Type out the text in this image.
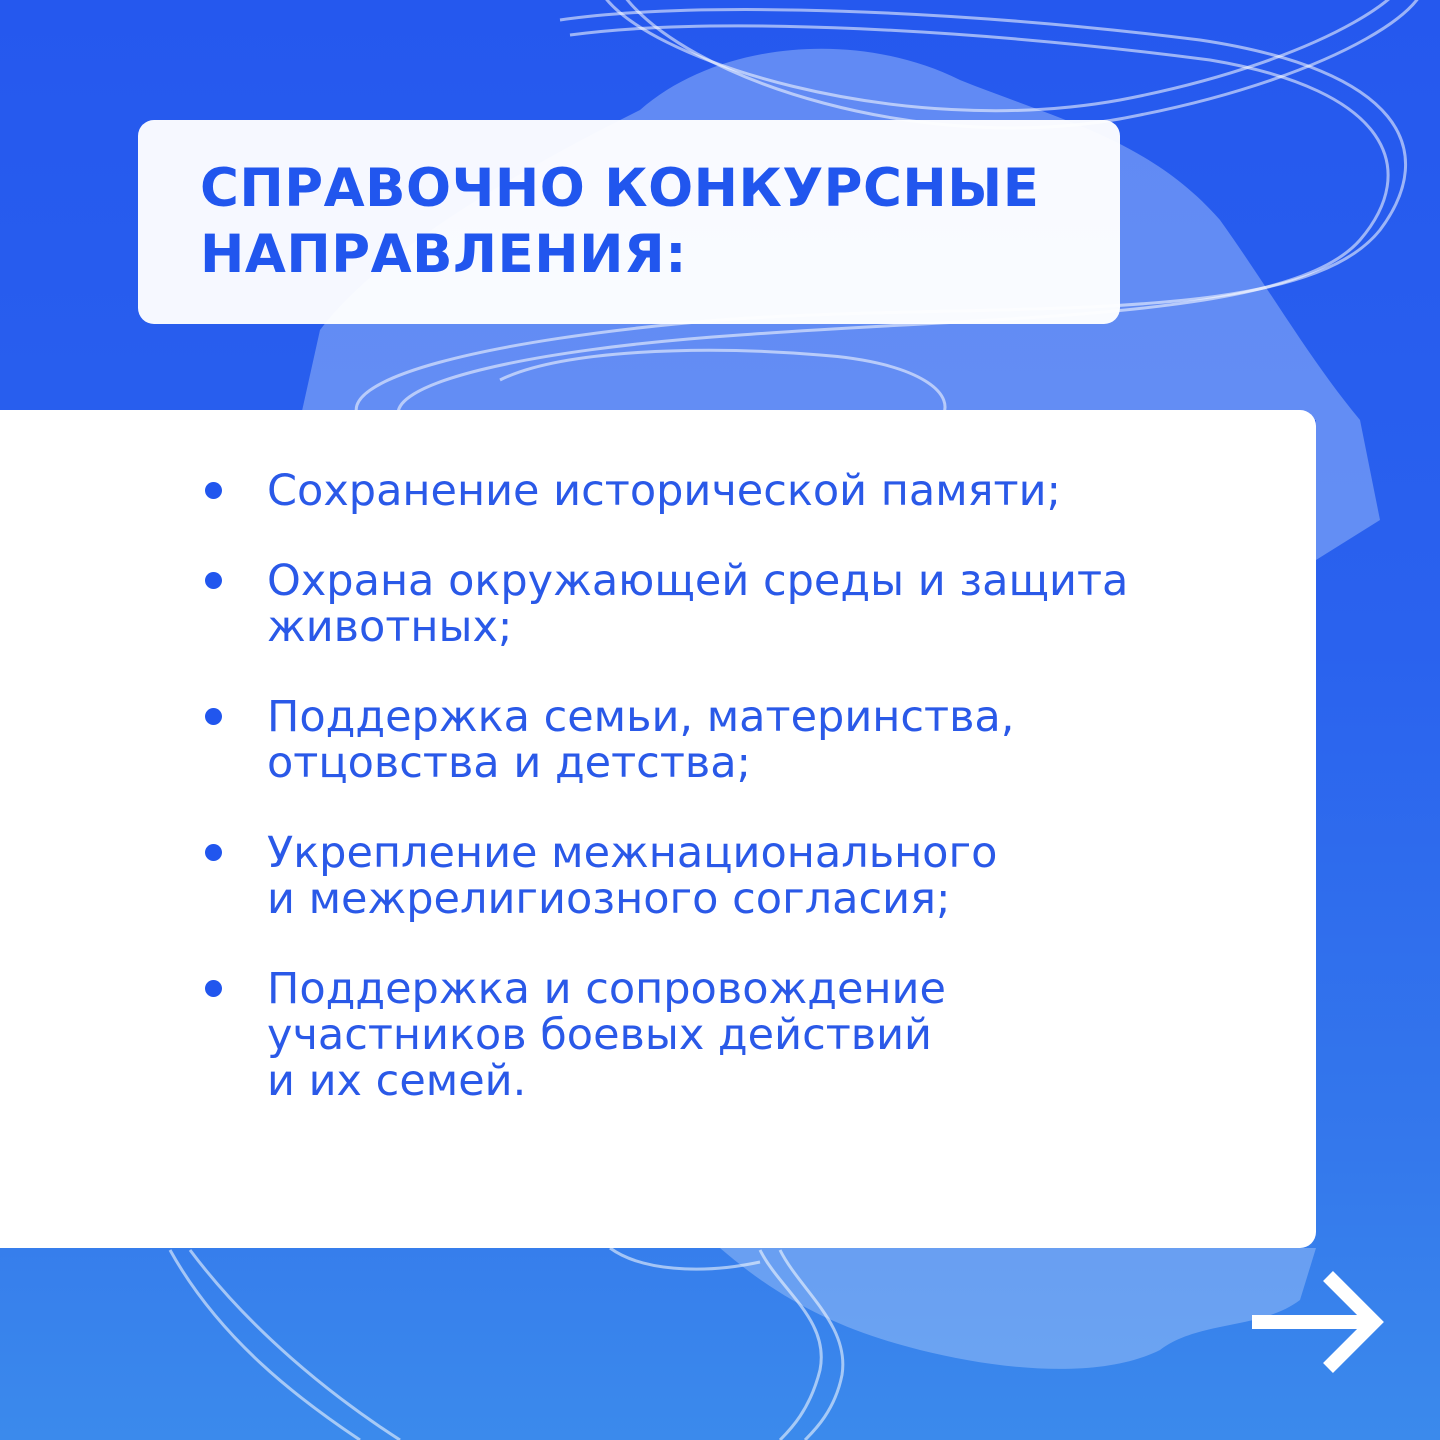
СПРАВОЧНО КОНКУРСНЫЕ
НАПРАВЛЕНИЯ:
Сохранение исторической памяти;
Охрана окружающей среды и защита
животных;
Поддержка семьи, материнства,
отцовства и детства;
Укрепление межнационального
и межрелигиозного согласия;
Поддержка и сопровождение
участников боевых действий
и их семей.
